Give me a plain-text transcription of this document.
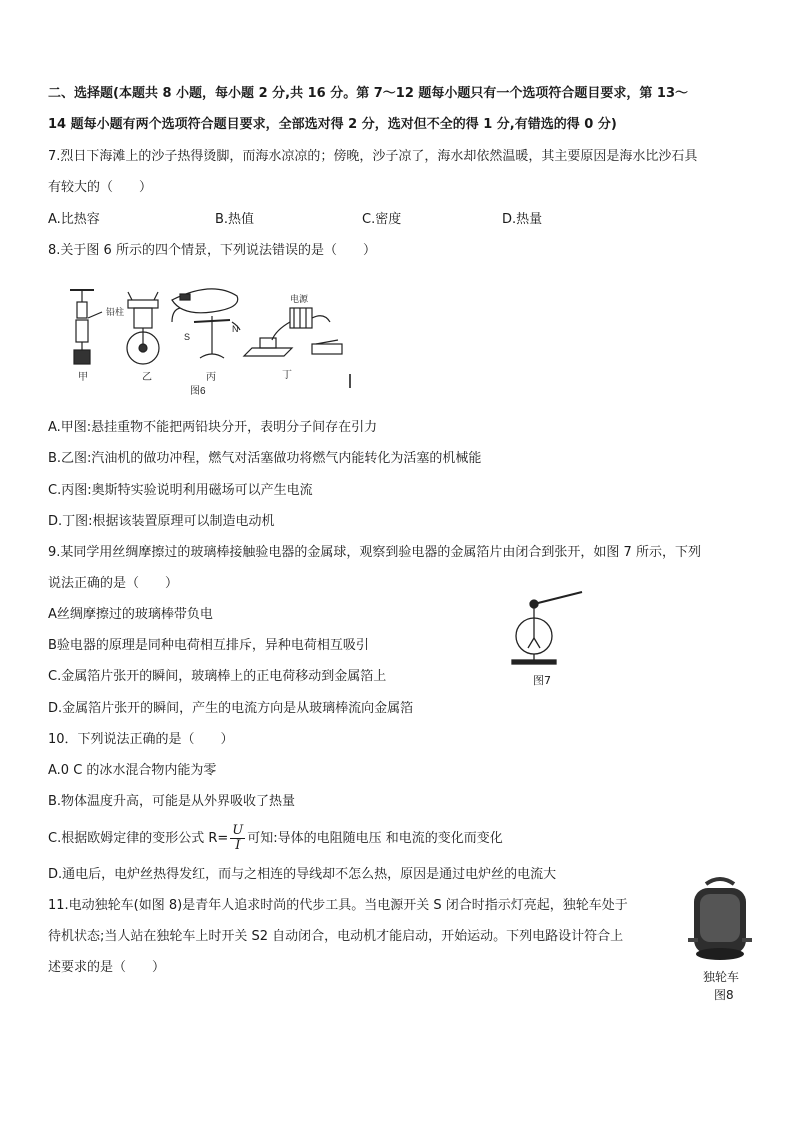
二、选择题(本题共 8 小题，每小题 2 分,共 16 分。第 7～12 题每小题只有一个选项符合题目要求，第 13～
14 题每小题有两个选项符合题目要求，全部选对得 2 分，选对但不全的得 1 分,有错选的得 0 分)
7.烈日下海滩上的沙子热得烫脚，而海水凉凉的；傍晚，沙子凉了，海水却依然温暖，其主要原因是海水比沙石具
有较大的（　　）
A.比热容	B.热值	C.密度	D.热量
8.关于图 6 所示的四个情景，下列说法错误的是（　　）
铅柱
电源
S
N
甲	乙	丙	丁
图6
A.甲图:悬挂重物不能把两铅块分开，表明分子间存在引力
B.乙图:汽油机的做功冲程，燃气对活塞做功将燃气内能转化为活塞的机械能
C.丙图:奥斯特实验说明利用磁场可以产生电流
D.丁图:根据该装置原理可以制造电动机
9.某同学用丝绸摩擦过的玻璃棒接触验电器的金属球，观察到验电器的金属箔片由闭合到张开，如图 7 所示，下列
说法正确的是（　　）
A丝绸摩擦过的玻璃棒带负电
B验电器的原理是同种电荷相互排斥，异种电荷相互吸引
C.金属箔片张开的瞬间，玻璃棒上的正电荷移动到金属箔上
D.金属箔片张开的瞬间，产生的电流方向是从玻璃棒流向金属箔
图7
10．下列说法正确的是（　　）
A.0 C 的冰水混合物内能为零
B.物体温度升高，可能是从外界吸收了热量
C.根据欧姆定律的变形公式 $R= \frac{U}{I}$ 可知:导体的电阻随电压 和电流的变化而变化
D.通电后，电炉丝热得发红，而与之相连的导线却不怎么热，原因是通过电炉丝的电流大
11.电动独轮车(如图 8)是青年人追求时尚的代步工具。当电源开关 S 闭合时指示灯亮起，独轮车处于
待机状态;当人站在独轮车上时开关 S2 自动闭合，电动机才能启动，开始运动。下列电路设计符合上
述要求的是（　　）
独轮车
图8
